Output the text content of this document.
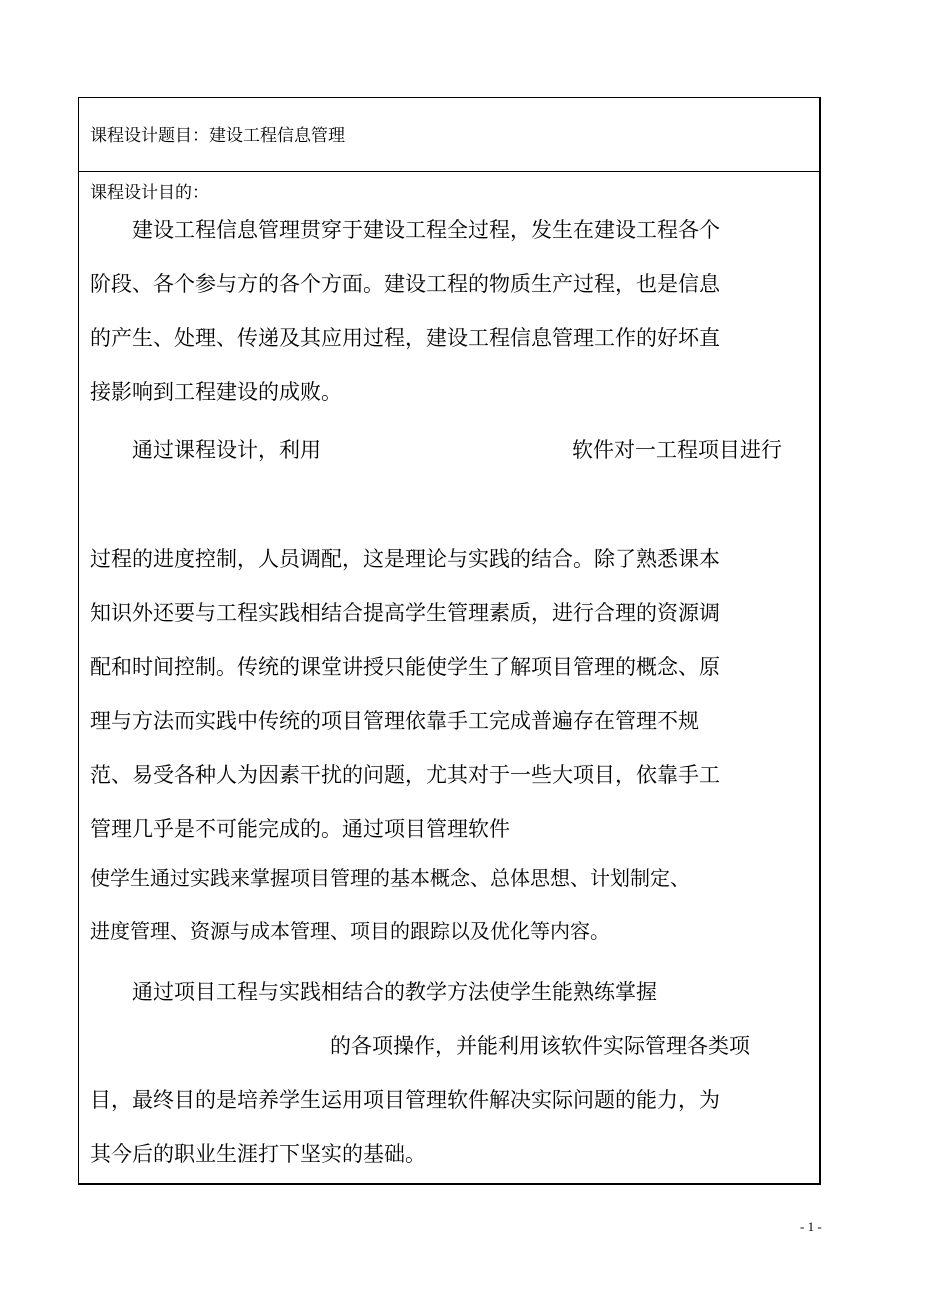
课程设计题目：建设工程信息管理
课程设计目的：
建设工程信息管理贯穿于建设工程全过程，发生在建设工程各个
阶段、各个参与方的各个方面。建设工程的物质生产过程，也是信息
的产生、处理、传递及其应用过程，建设工程信息管理工作的好坏直
接影响到工程建设的成败。
通过课程设计，利用	软件对一工程项目进行
过程的进度控制，人员调配，这是理论与实践的结合。除了熟悉课本
知识外还要与工程实践相结合提高学生管理素质，进行合理的资源调
配和时间控制。传统的课堂讲授只能使学生了解项目管理的概念、原
理与方法而实践中传统的项目管理依靠手工完成普遍存在管理不规
范、易受各种人为因素干扰的问题，尤其对于一些大项目，依靠手工
管理几乎是不可能完成的。通过项目管理软件
使学生通过实践来掌握项目管理的基本概念、总体思想、计划制定、
进度管理、资源与成本管理、项目的跟踪以及优化等内容。
通过项目工程与实践相结合的教学方法使学生能熟练掌握
的各项操作，并能利用该软件实际管理各类项
目，最终目的是培养学生运用项目管理软件解决实际问题的能力，为
其今后的职业生涯打下坚实的基础。
- 1 -
